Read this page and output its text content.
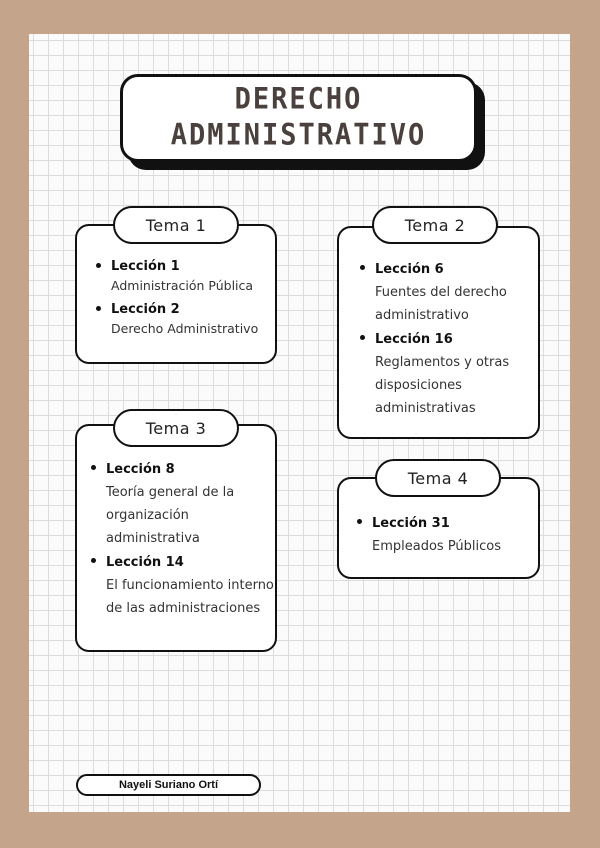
DERECHO
ADMINISTRATIVO
Lección 1
Administración Pública
Lección 2
Derecho Administrativo
Tema 1
Lección 6
Fuentes del derecho administrativo
Lección 16
Reglamentos y otras disposiciones administrativas
Tema 2
Lección 8
Teoría general de la organización administrativa
Lección 14
El funcionamiento interno de las administraciones
Tema 3
Lección 31
Empleados Públicos
Tema 4
Nayeli Suriano Ortí
